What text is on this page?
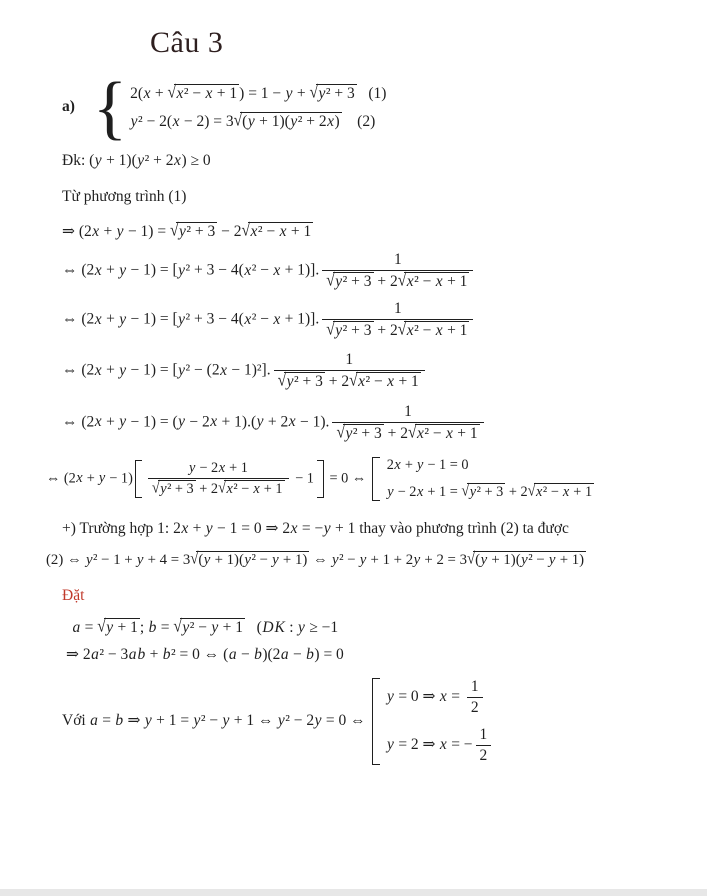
Câu 3
a) { 2(x + √x² − x + 1 ) = 1 − y + √y² + 3   (1)
y² − 2(x − 2) = 3√(y + 1)(y² + 2x)    (2)
Đk: (y + 1)(y² + 2x) ≥ 0
Từ phương trình (1)
⇒ (2x + y − 1) = √y² + 3 − 2√x² − x + 1
⇔ (2x + y − 1) = [y² + 3 − 4(x² − x + 1)]. $\frac{1}{\text{√y² + 3 + 2√x² − x + 1}}$
⇔ (2x + y − 1) = [y² + 3 − 4(x² − x + 1)]. $\frac{1}{\text{√y² + 3 + 2√x² − x + 1}}$
⇔ (2x + y − 1) = [y² − (2x − 1)²]. $\frac{1}{\text{√y² + 3 + 2√x² − x + 1}}$
⇔ (2x + y − 1) = (y − 2x + 1).(y + 2x − 1). $\frac{1}{\text{√y² + 3 + 2√x² − x + 1}}$
⇔ $(2x + y - 1) \frac{y - 2x + 1}{\text{√ y² + 3 + 2√ x² − x + 1}} - 1 = 0$ ⇔
2x + y − 1 = 0
y − 2x + 1 = √ y² + 3 + 2√ x² − x + 1
+) Trường hợp 1: 2x + y − 1 = 0 ⇒ 2x = −y + 1 thay vào phương trình (2) ta được
(2) ⇔ y² − 1 + y + 4 = 3√(y + 1)(y² − y + 1) ⇔ y² − y + 1 + 2y + 2 = 3√(y + 1)(y² − y + 1)
Đặt
a = √y + 1 ; b = √y² − y + 1   (DK : y ≥ −1
⇒ 2a² − 3ab + b² = 0 ⇔ (a − b)(2a − b) = 0
Với a = b ⇒ y + 1 = y² − y + 1 ⇔ y² − 2y = 0 ⇔
y = 0 ⇒ $x = \frac{1}{2}$
y = 2 ⇒ x = − $\frac{1}{2}$
